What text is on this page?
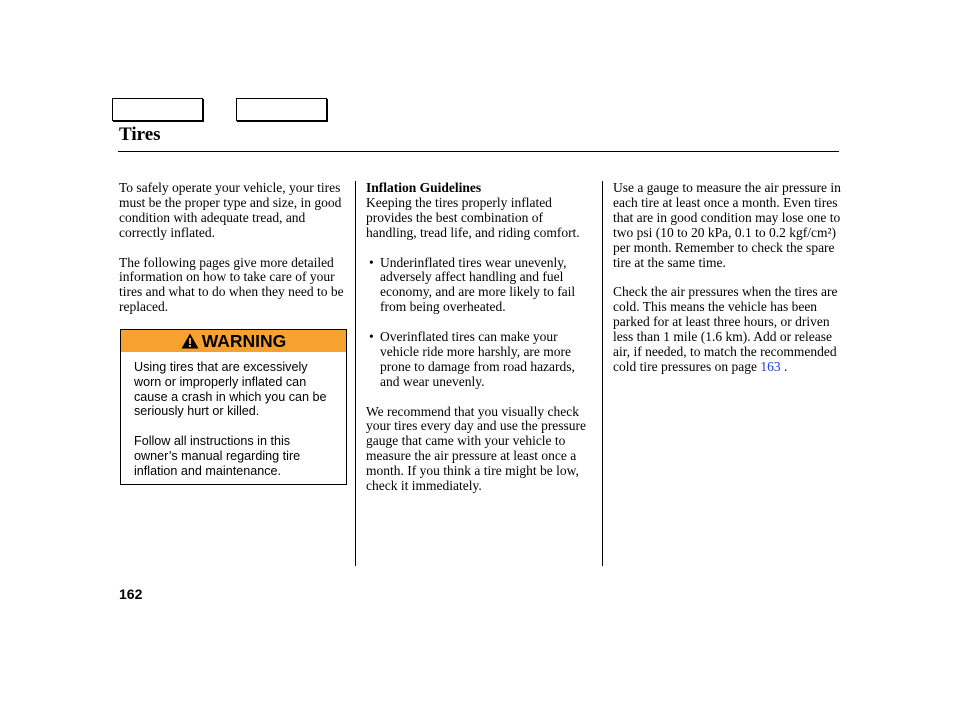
Tires

To safely operate your vehicle, your tires must be the proper type and size, in good condition with adequate tread, and correctly inflated.

The following pages give more detailed information on how to take care of your tires and what to do when they need to be replaced.

WARNING

Using tires that are excessively worn or improperly inflated can cause a crash in which you can be seriously hurt or killed.

Follow all instructions in this owner’s manual regarding tire inflation and maintenance.

Inflation Guidelines
Keeping the tires properly inflated provides the best combination of handling, tread life, and riding comfort.

• Underinflated tires wear unevenly, adversely affect handling and fuel economy, and are more likely to fail from being overheated.
• Overinflated tires can make your vehicle ride more harshly, are more prone to damage from road hazards, and wear unevenly.

We recommend that you visually check your tires every day and use the pressure gauge that came with your vehicle to measure the air pressure at least once a month. If you think a tire might be low, check it immediately.

Use a gauge to measure the air pressure in each tire at least once a month. Even tires that are in good condition may lose one to two psi (10 to 20 kPa, 0.1 to 0.2 kgf/cm²) per month. Remember to check the spare tire at the same time.

Check the air pressures when the tires are cold. This means the vehicle has been parked for at least three hours, or driven less than 1 mile (1.6 km). Add or release air, if needed, to match the recommended cold tire pressures on page 163 .

162
